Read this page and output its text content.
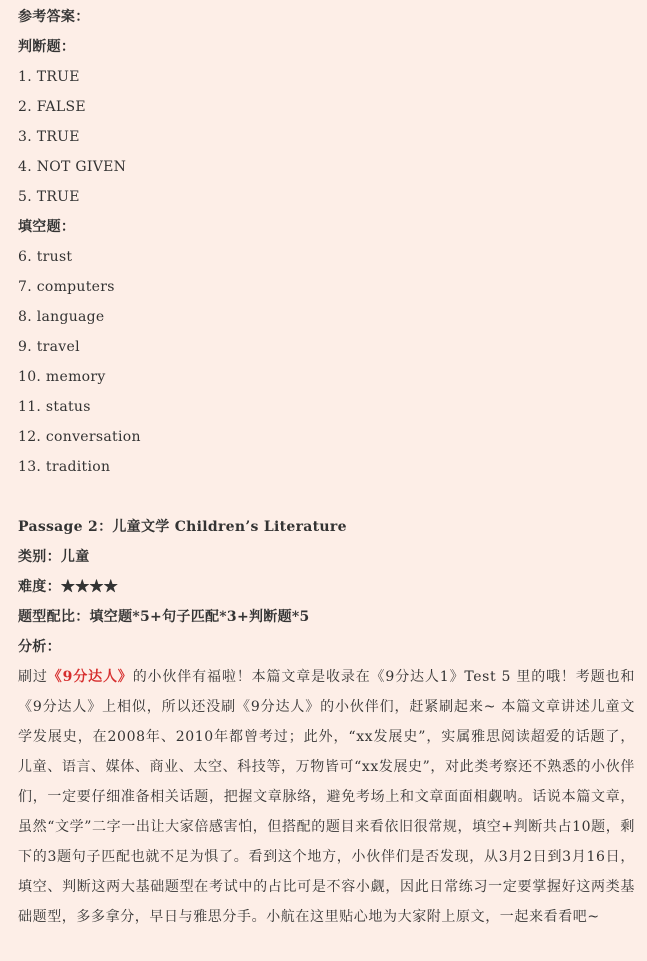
参考答案：
判断题：
1. TRUE
2. FALSE
3. TRUE
4. NOT GIVEN
5. TRUE
填空题：
6. trust
7. computers
8. language
9. travel
10. memory
11. status
12. conversation
13. tradition
Passage 2：儿童文学 Children’s Literature
类别：儿童
难度：★★★★
题型配比：填空题*5+句子匹配*3+判断题*5
分析：

刷过《9分达人》的小伙伴有福啦！本篇文章是收录在《9分达人1》Test 5 里的哦！考题也和《9分达人》上相似，所以还没刷《9分达人》的小伙伴们，赶紧刷起来~ 本篇文章讲述儿童文学发展史，在2008年、2010年都曾考过；此外，“xx发展史”，实属雅思阅读超爱的话题了，儿童、语言、媒体、商业、太空、科技等，万物皆可“xx发展史”，对此类考察还不熟悉的小伙伴们，一定要仔细准备相关话题，把握文章脉络，避免考场上和文章面面相觑呐。话说本篇文章，虽然“文学”二字一出让大家倍感害怕，但搭配的题目来看依旧很常规，填空+判断共占10题，剩下的3题句子匹配也就不足为惧了。看到这个地方，小伙伴们是否发现，从3月2日到3月16日，填空、判断这两大基础题型在考试中的占比可是不容小觑，因此日常练习一定要掌握好这两类基础题型，多多拿分，早日与雅思分手。小航在这里贴心地为大家附上原文，一起来看看吧~
